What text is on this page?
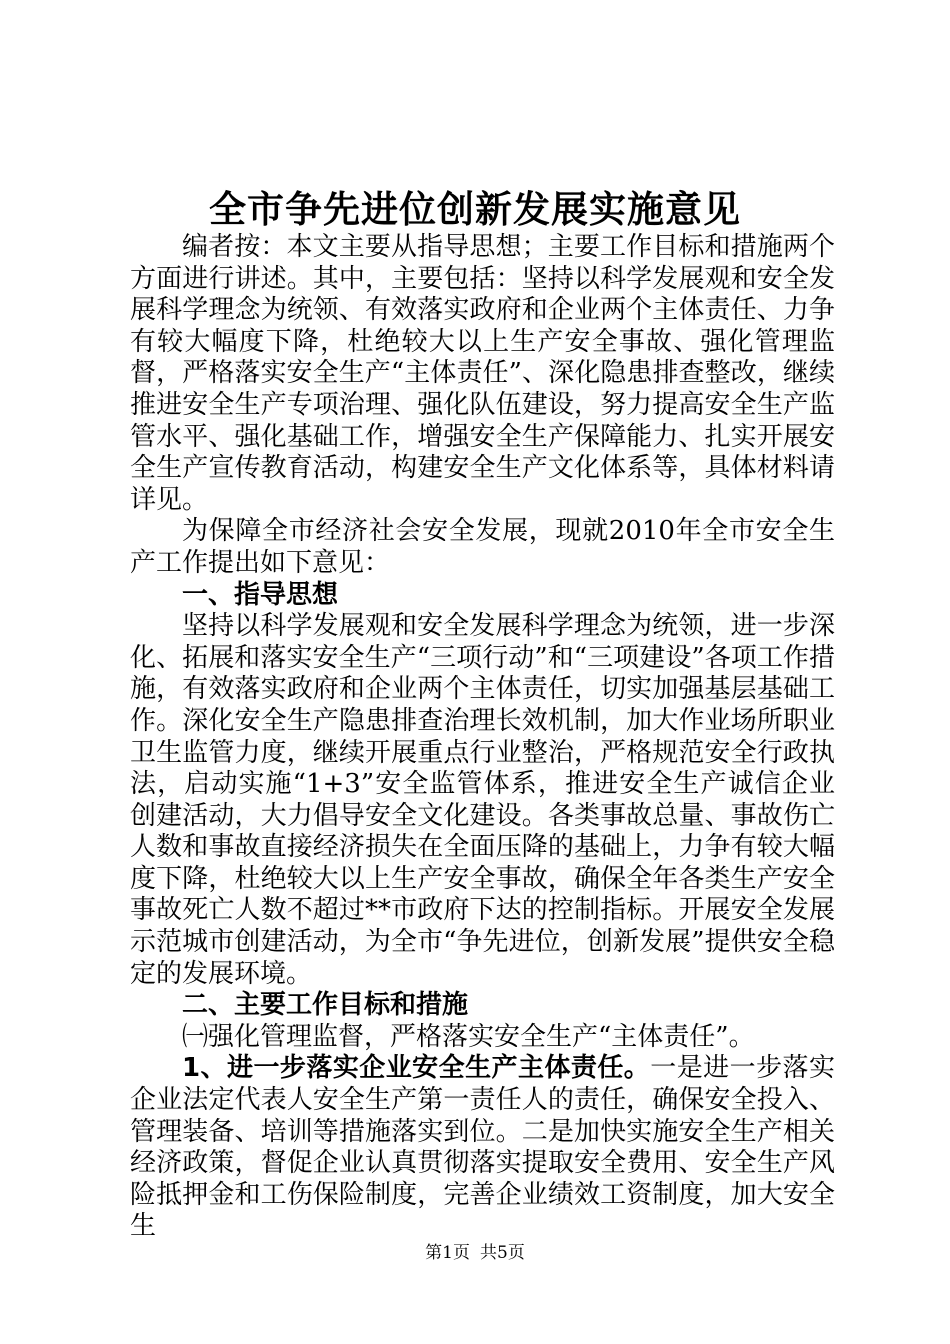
全市争先进位创新发展实施意见

编者按：本文主要从指导思想；主要工作目标和措施两个方面进行讲述。其中，主要包括：坚持以科学发展观和安全发展科学理念为统领、有效落实政府和企业两个主体责任、力争有较大幅度下降，杜绝较大以上生产安全事故、强化管理监督，严格落实安全生产“主体责任”、深化隐患排查整改，继续推进安全生产专项治理、强化队伍建设，努力提高安全生产监管水平、强化基础工作，增强安全生产保障能力、扎实开展安全生产宣传教育活动，构建安全生产文化体系等，具体材料请详见。

为保障全市经济社会安全发展，现就2010年全市安全生产工作提出如下意见：

一、指导思想

坚持以科学发展观和安全发展科学理念为统领，进一步深化、拓展和落实安全生产“三项行动”和“三项建设”各项工作措施，有效落实政府和企业两个主体责任，切实加强基层基础工作。深化安全生产隐患排查治理长效机制，加大作业场所职业卫生监管力度，继续开展重点行业整治，严格规范安全行政执法，启动实施“1+3”安全监管体系，推进安全生产诚信企业创建活动，大力倡导安全文化建设。各类事故总量、事故伤亡人数和事故直接经济损失在全面压降的基础上，力争有较大幅度下降，杜绝较大以上生产安全事故，确保全年各类生产安全事故死亡人数不超过**市政府下达的控制指标。开展安全发展示范城市创建活动，为全市“争先进位，创新发展”提供安全稳定的发展环境。

二、主要工作目标和措施

㈠强化管理监督，严格落实安全生产“主体责任”。

1、进一步落实企业安全生产主体责任。一是进一步落实企业法定代表人安全生产第一责任人的责任，确保安全投入、管理装备、培训等措施落实到位。二是加快实施安全生产相关经济政策，督促企业认真贯彻落实提取安全费用、安全生产风险抵押金和工伤保险制度，完善企业绩效工资制度，加大安全生

第1页 共5页
